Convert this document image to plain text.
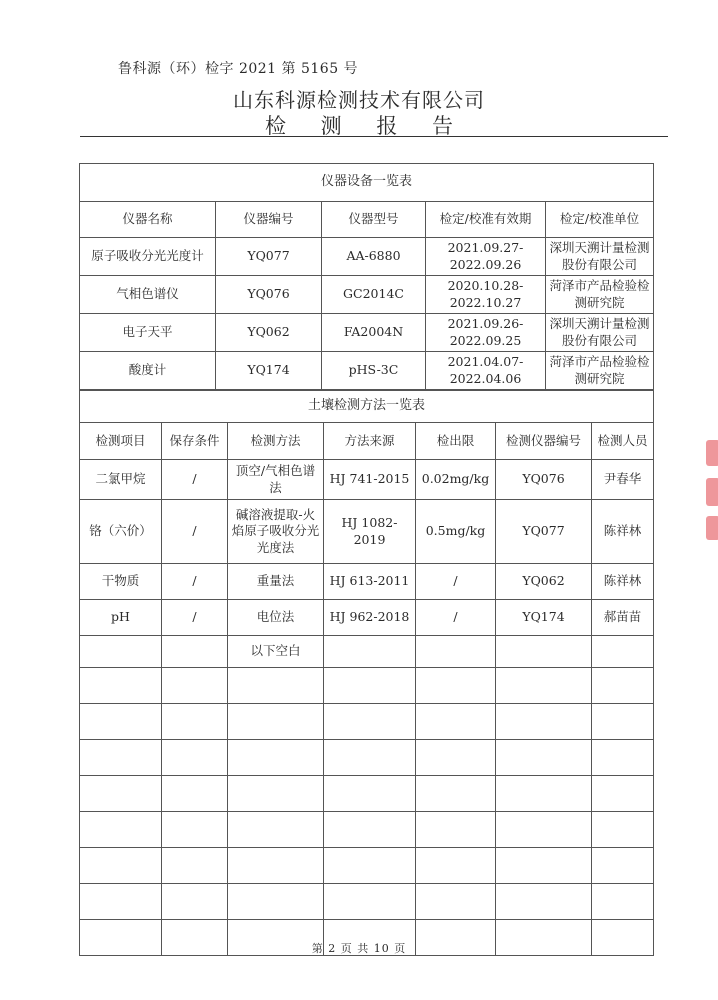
鲁科源（环）检字 2021 第 5165 号
山东科源检测技术有限公司
检 测 报 告
仪器设备一览表				
仪器名称	仪器编号	仪器型号	检定/校准有效期	检定/校准单位
原子吸收分光光度计	YQ077	AA-6880	2021.09.27-2022.09.26	深圳天溯计量检测股份有限公司
气相色谱仪	YQ076	GC2014C	2020.10.28-2022.10.27	菏泽市产品检验检测研究院
电子天平	YQ062	FA2004N	2021.09.26-2022.09.25	深圳天溯计量检测股份有限公司
酸度计	YQ174	pHS-3C	2021.04.07-2022.04.06	菏泽市产品检验检测研究院
土壤检测方法一览表						
检测项目	保存条件	检测方法	方法来源	检出限	检测仪器编号	检测人员
二氯甲烷	/	顶空/气相色谱法	HJ 741-2015	0.02mg/kg	YQ076	尹春华
铬（六价）	/	碱溶液提取-火焰原子吸收分光光度法	HJ 1082-2019	0.5mg/kg	YQ077	陈祥林
干物质	/	重量法	HJ 613-2011	/	YQ062	陈祥林
pH	/	电位法	HJ 962-2018	/	YQ174	郝苗苗
		以下空白				

第 2 页 共 10 页
